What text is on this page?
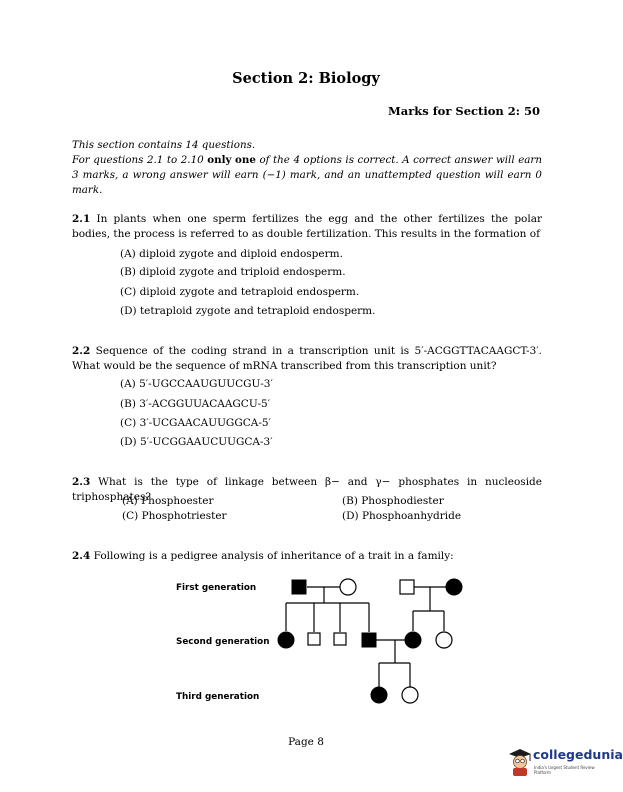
Section 2: Biology
Marks for Section 2: 50
This section contains 14 questions.
For questions 2.1 to 2.10 only one of the 4 options is correct. A correct answer will earn 3 marks, a wrong answer will earn (−1) mark, and an unattempted question will earn 0 mark.
2.1 In plants when one sperm fertilizes the egg and the other fertilizes the polar bodies, the process is referred to as double fertilization. This results in the formation of
(A) diploid zygote and diploid endosperm.
(B) diploid zygote and triploid endosperm.
(C) diploid zygote and tetraploid endosperm.
(D) tetraploid zygote and tetraploid endosperm.
2.2 Sequence of the coding strand in a transcription unit is 5′-ACGGTTACAAGCT-3′. What would be the sequence of mRNA transcribed from this transcription unit?
(A) 5′-UGCCAAUGUUCGU-3′
(B) 3′-ACGGUUACAAGCU-5′
(C) 3′-UCGAACAUUGGCA-5′
(D) 5′-UCGGAAUCUUGCA-3′
2.3 What is the type of linkage between β− and γ− phosphates in nucleoside triphosphates?
(A) Phosphoester	(B) Phosphodiester
(C) Phosphotriester	(D) Phosphoanhydride
2.4 Following is a pedigree analysis of inheritance of a trait in a family:
First generation
Second generation
Third generation
Page 8
collegedunia
India's largest Student Review Platform
